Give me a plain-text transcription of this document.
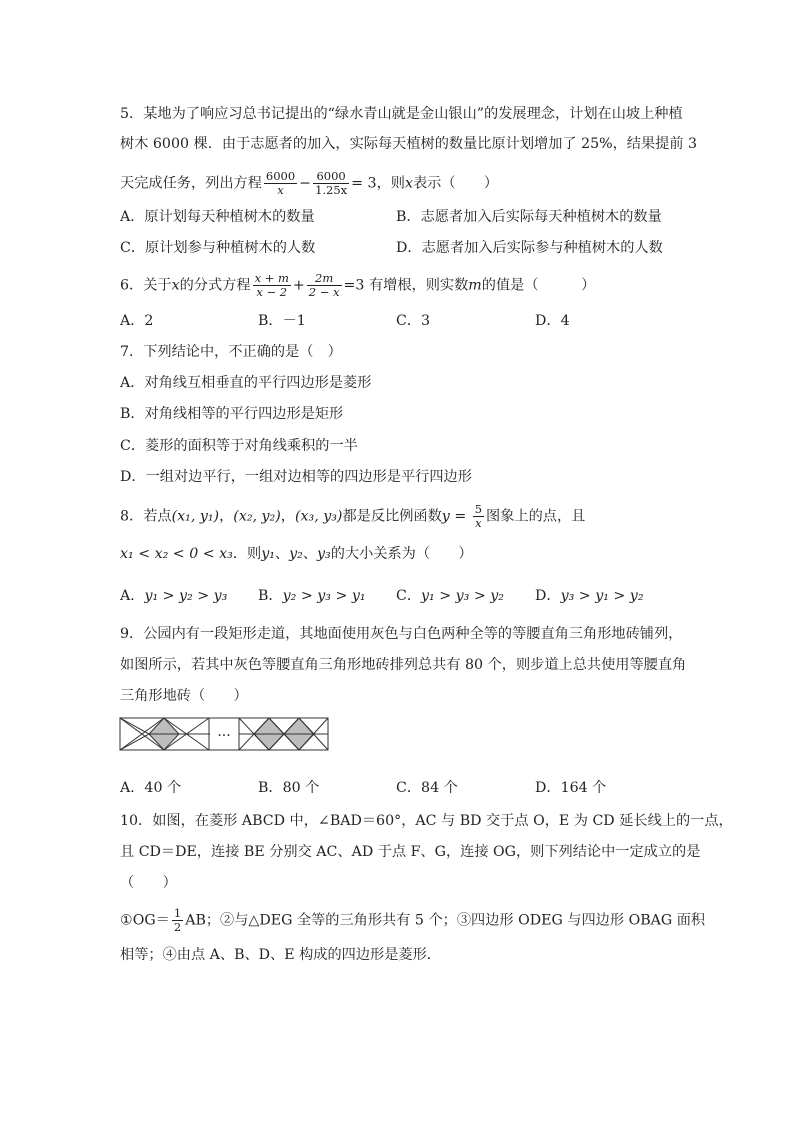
5．某地为了响应习总书记提出的“绿水青山就是金山银山”的发展理念，计划在山坡上种植
树木 6000 棵．由于志愿者的加入，实际每天植树的数量比原计划增加了 25%，结果提前 3
天完成任务，列出方程 $\frac{6000}{x} - \frac{6000}{1.25x} = 3$，则x表示（　　）
A．原计划每天种植树木的数量	B．志愿者加入后实际每天种植树木的数量
C．原计划参与种植树木的人数	D．志愿者加入后实际参与种植树木的人数
6．关于x的分式方程 $\frac{x + m}{x - 2} + \frac{2m}{2 - x} =3$ 有增根，则实数m的值是（　　　）
A．2	B．－1	C．3	D．4
7．下列结论中，不正确的是（　）
A．对角线互相垂直的平行四边形是菱形
B．对角线相等的平行四边形是矩形
C．菱形的面积等于对角线乘积的一半
D．一组对边平行，一组对边相等的四边形是平行四边形
8．若点(x₁, y₁)，(x₂, y₂)，(x₃, y₃)都是反比例函数$y = \frac{5}{x}$ 图象上的点，且
x₁ < x₂ < 0 < x₃．则y₁、y₂、y₃的大小关系为（　　）
A．y₁ > y₂ > y₃ B．y₂ > y₃ > y₁ C．y₁ > y₃ > y₂ D．y₃ > y₁ > y₂
9．公园内有一段矩形走道，其地面使用灰色与白色两种全等的等腰直角三角形地砖铺列，
如图所示，若其中灰色等腰直角三角形地砖排列总共有 80 个，则步道上总共使用等腰直角
三角形地砖（　　）
···
A．40 个	B．80 个	C．84 个	D．164 个
10．如图，在菱形 ABCD 中，∠BAD＝60°，AC 与 BD 交于点 O，E 为 CD 延长线上的一点，
且 CD＝DE，连接 BE 分别交 AC、AD 于点 F、G，连接 OG，则下列结论中一定成立的是
（　　）
①OG＝ $\frac{1}{2}$ AB；②与△DEG 全等的三角形共有 5 个；③四边形 ODEG 与四边形 OBAG 面积
相等；④由点 A、B、D、E 构成的四边形是菱形．
